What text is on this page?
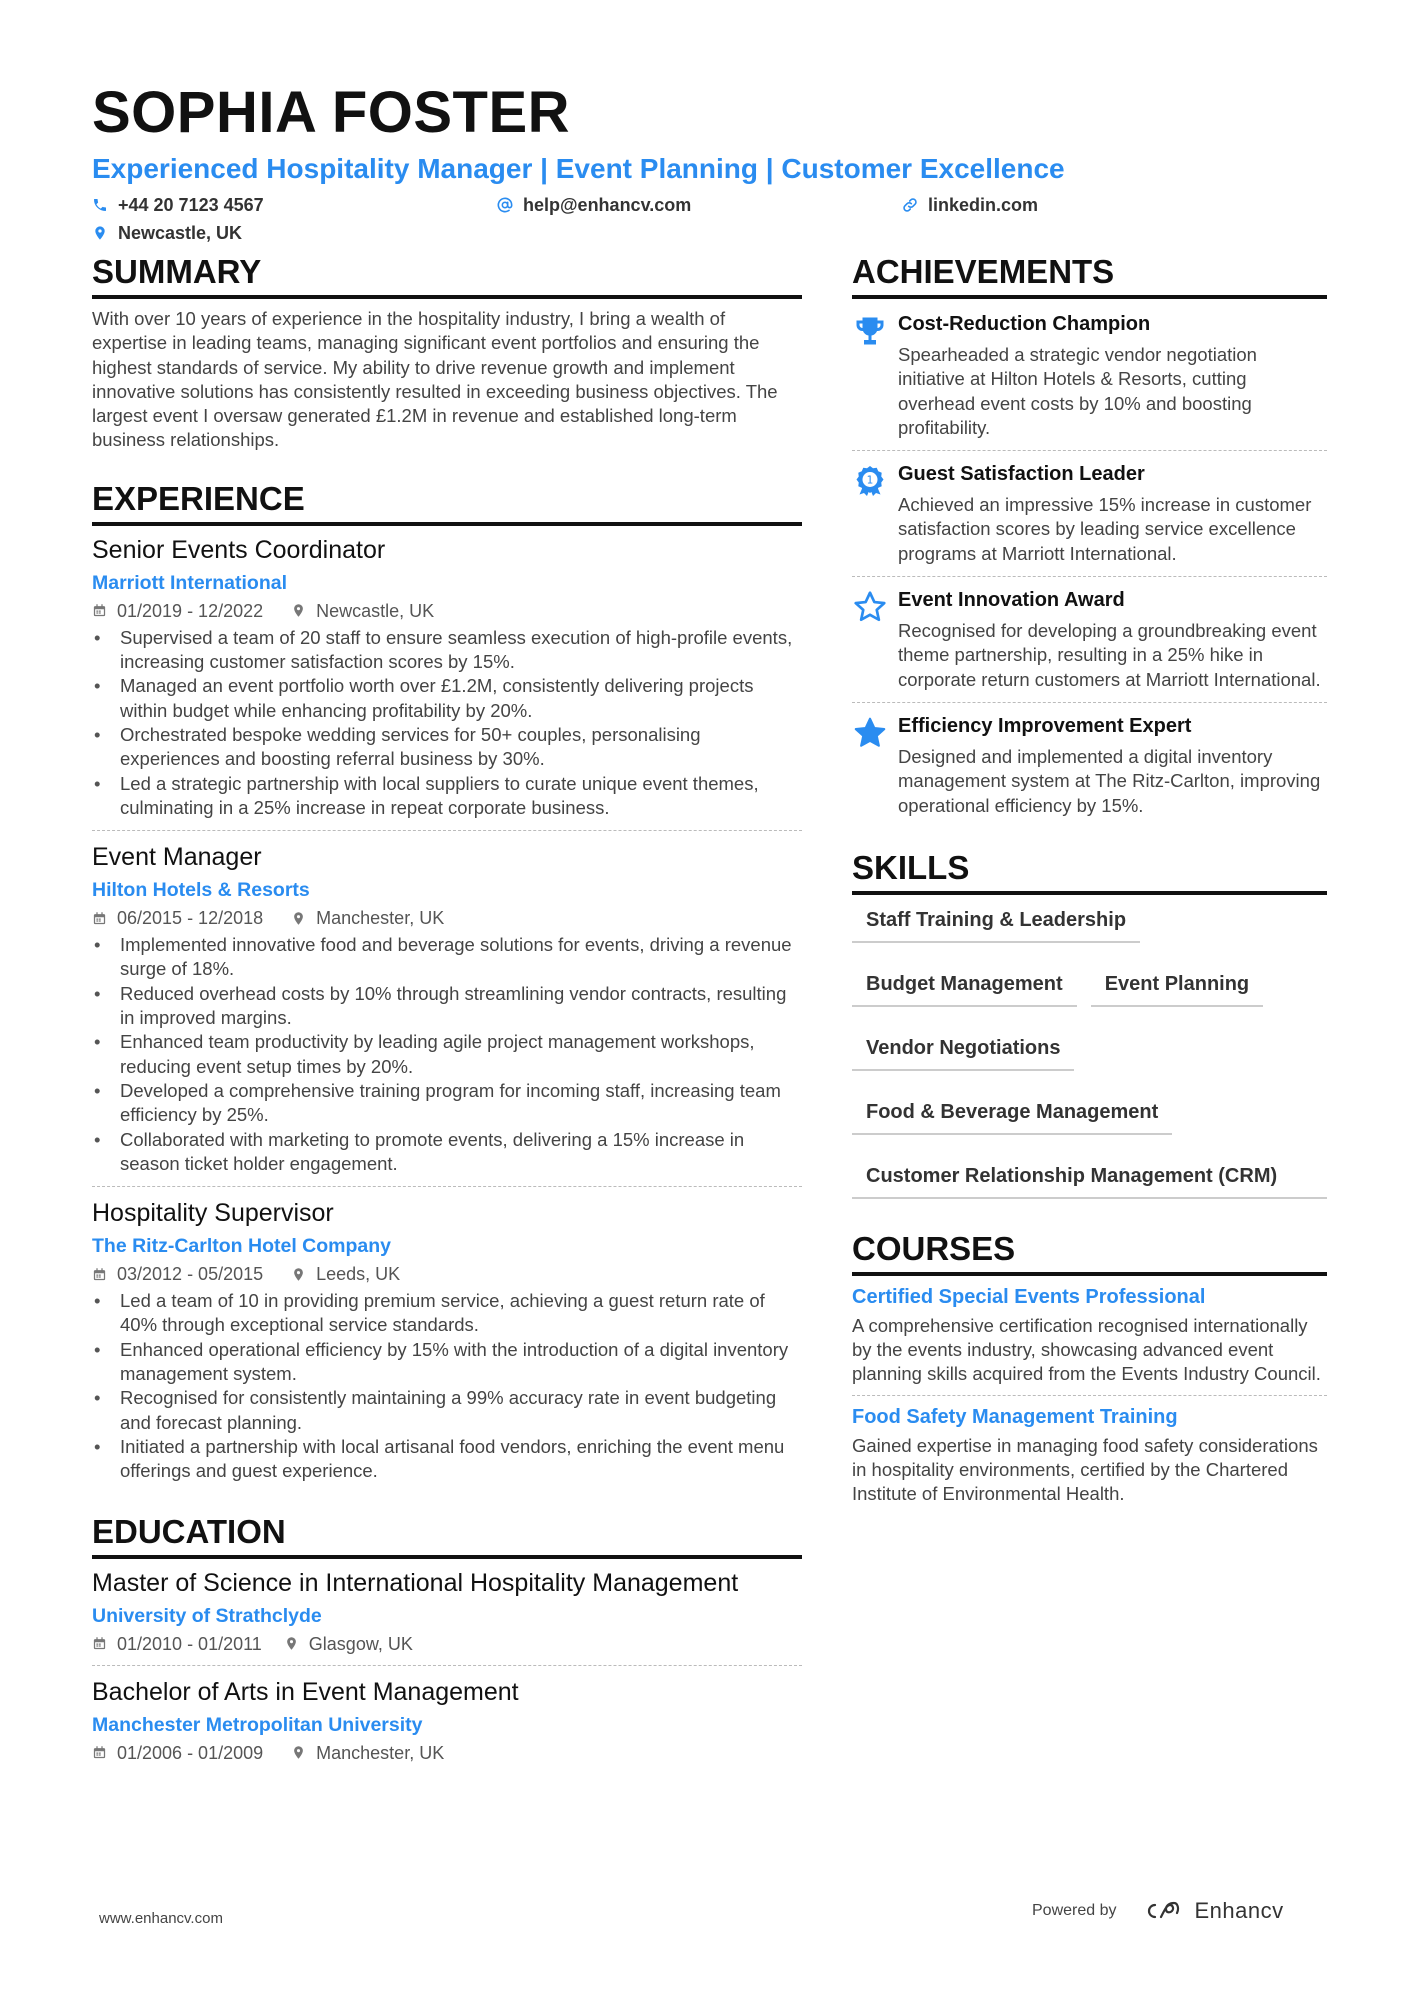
SOPHIA FOSTER
Experienced Hospitality Manager | Event Planning | Customer Excellence
+44 20 7123 4567	help@enhancv.com	linkedin.com
Newcastle, UK
SUMMARY
With over 10 years of experience in the hospitality industry, I bring a wealth of expertise in leading teams, managing significant event portfolios and ensuring the highest standards of service. My ability to drive revenue growth and implement innovative solutions has consistently resulted in exceeding business objectives. The largest event I oversaw generated £1.2M in revenue and established long-term business relationships.
EXPERIENCE
Senior Events Coordinator
Marriott International
01/2019 - 12/2022	Newcastle, UK
• Supervised a team of 20 staff to ensure seamless execution of high-profile events, increasing customer satisfaction scores by 15%.
• Managed an event portfolio worth over £1.2M, consistently delivering projects within budget while enhancing profitability by 20%.
• Orchestrated bespoke wedding services for 50+ couples, personalising experiences and boosting referral business by 30%.
• Led a strategic partnership with local suppliers to curate unique event themes, culminating in a 25% increase in repeat corporate business.
Event Manager
Hilton Hotels & Resorts
06/2015 - 12/2018	Manchester, UK
• Implemented innovative food and beverage solutions for events, driving a revenue surge of 18%.
• Reduced overhead costs by 10% through streamlining vendor contracts, resulting in improved margins.
• Enhanced team productivity by leading agile project management workshops, reducing event setup times by 20%.
• Developed a comprehensive training program for incoming staff, increasing team efficiency by 25%.
• Collaborated with marketing to promote events, delivering a 15% increase in season ticket holder engagement.
Hospitality Supervisor
The Ritz-Carlton Hotel Company
03/2012 - 05/2015	Leeds, UK
• Led a team of 10 in providing premium service, achieving a guest return rate of 40% through exceptional service standards.
• Enhanced operational efficiency by 15% with the introduction of a digital inventory management system.
• Recognised for consistently maintaining a 99% accuracy rate in event budgeting and forecast planning.
• Initiated a partnership with local artisanal food vendors, enriching the event menu offerings and guest experience.
EDUCATION
Master of Science in International Hospitality Management
University of Strathclyde
01/2010 - 01/2011	Glasgow, UK
Bachelor of Arts in Event Management
Manchester Metropolitan University
01/2006 - 01/2009	Manchester, UK
ACHIEVEMENTS
Cost-Reduction Champion
Spearheaded a strategic vendor negotiation initiative at Hilton Hotels & Resorts, cutting overhead event costs by 10% and boosting profitability.
1 Guest Satisfaction Leader
Achieved an impressive 15% increase in customer satisfaction scores by leading service excellence programs at Marriott International.
Event Innovation Award
Recognised for developing a groundbreaking event theme partnership, resulting in a 25% hike in corporate return customers at Marriott International.
Efficiency Improvement Expert
Designed and implemented a digital inventory management system at The Ritz-Carlton, improving operational efficiency by 15%.
SKILLS
Staff Training & Leadership
Budget Management	Event Planning
Vendor Negotiations
Food & Beverage Management
Customer Relationship Management (CRM)
COURSES
Certified Special Events Professional
A comprehensive certification recognised internationally by the events industry, showcasing advanced event planning skills acquired from the Events Industry Council.
Food Safety Management Training
Gained expertise in managing food safety considerations in hospitality environments, certified by the Chartered Institute of Environmental Health.
www.enhancv.com	Powered by	Enhancv
